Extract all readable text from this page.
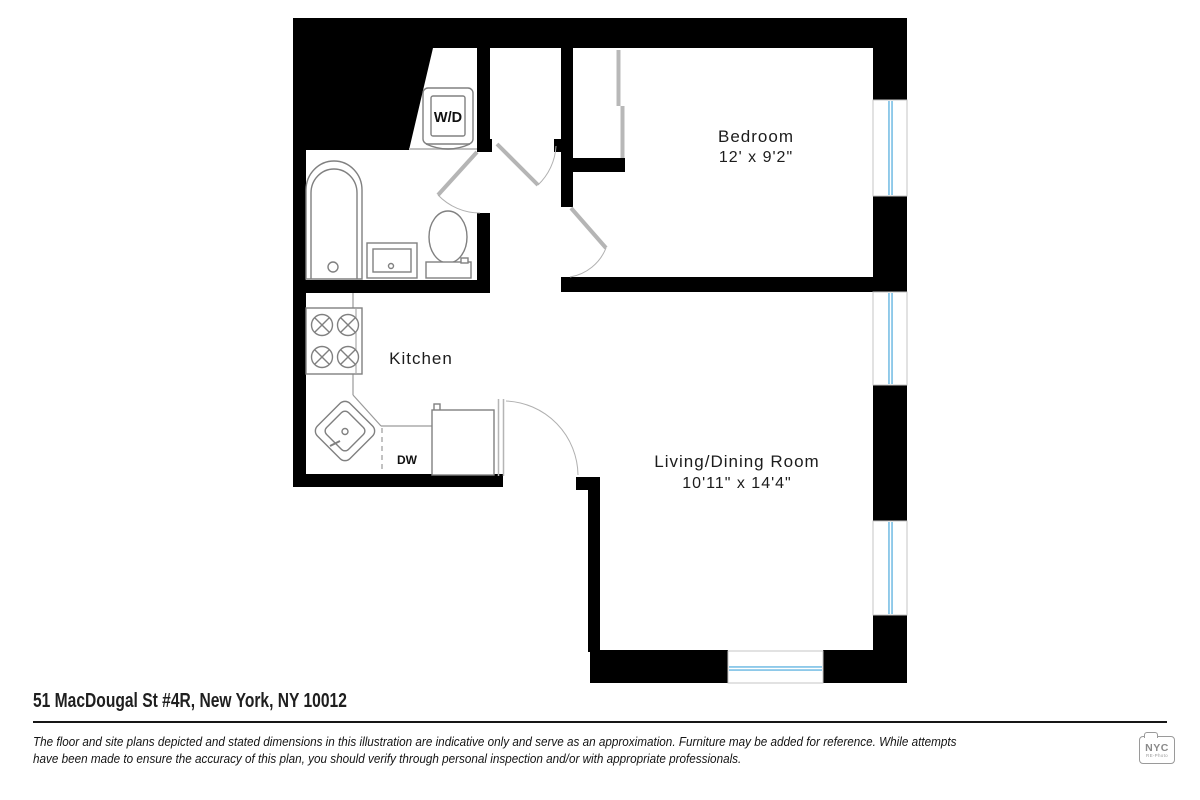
Bedroom
12' x 9'2"
Kitchen
Living/Dining Room
10'11" x 14'4"
W/D
DW
51 MacDougal St #4R, New York, NY 10012
The floor and site plans depicted and stated dimensions in this illustration are indicative only and serve as an approximation. Furniture may be added for reference. While attempts
have been made to ensure the accuracy of this plan, you should verify through personal inspection and/or with appropriate professionals.
NYC
RE-Photo
